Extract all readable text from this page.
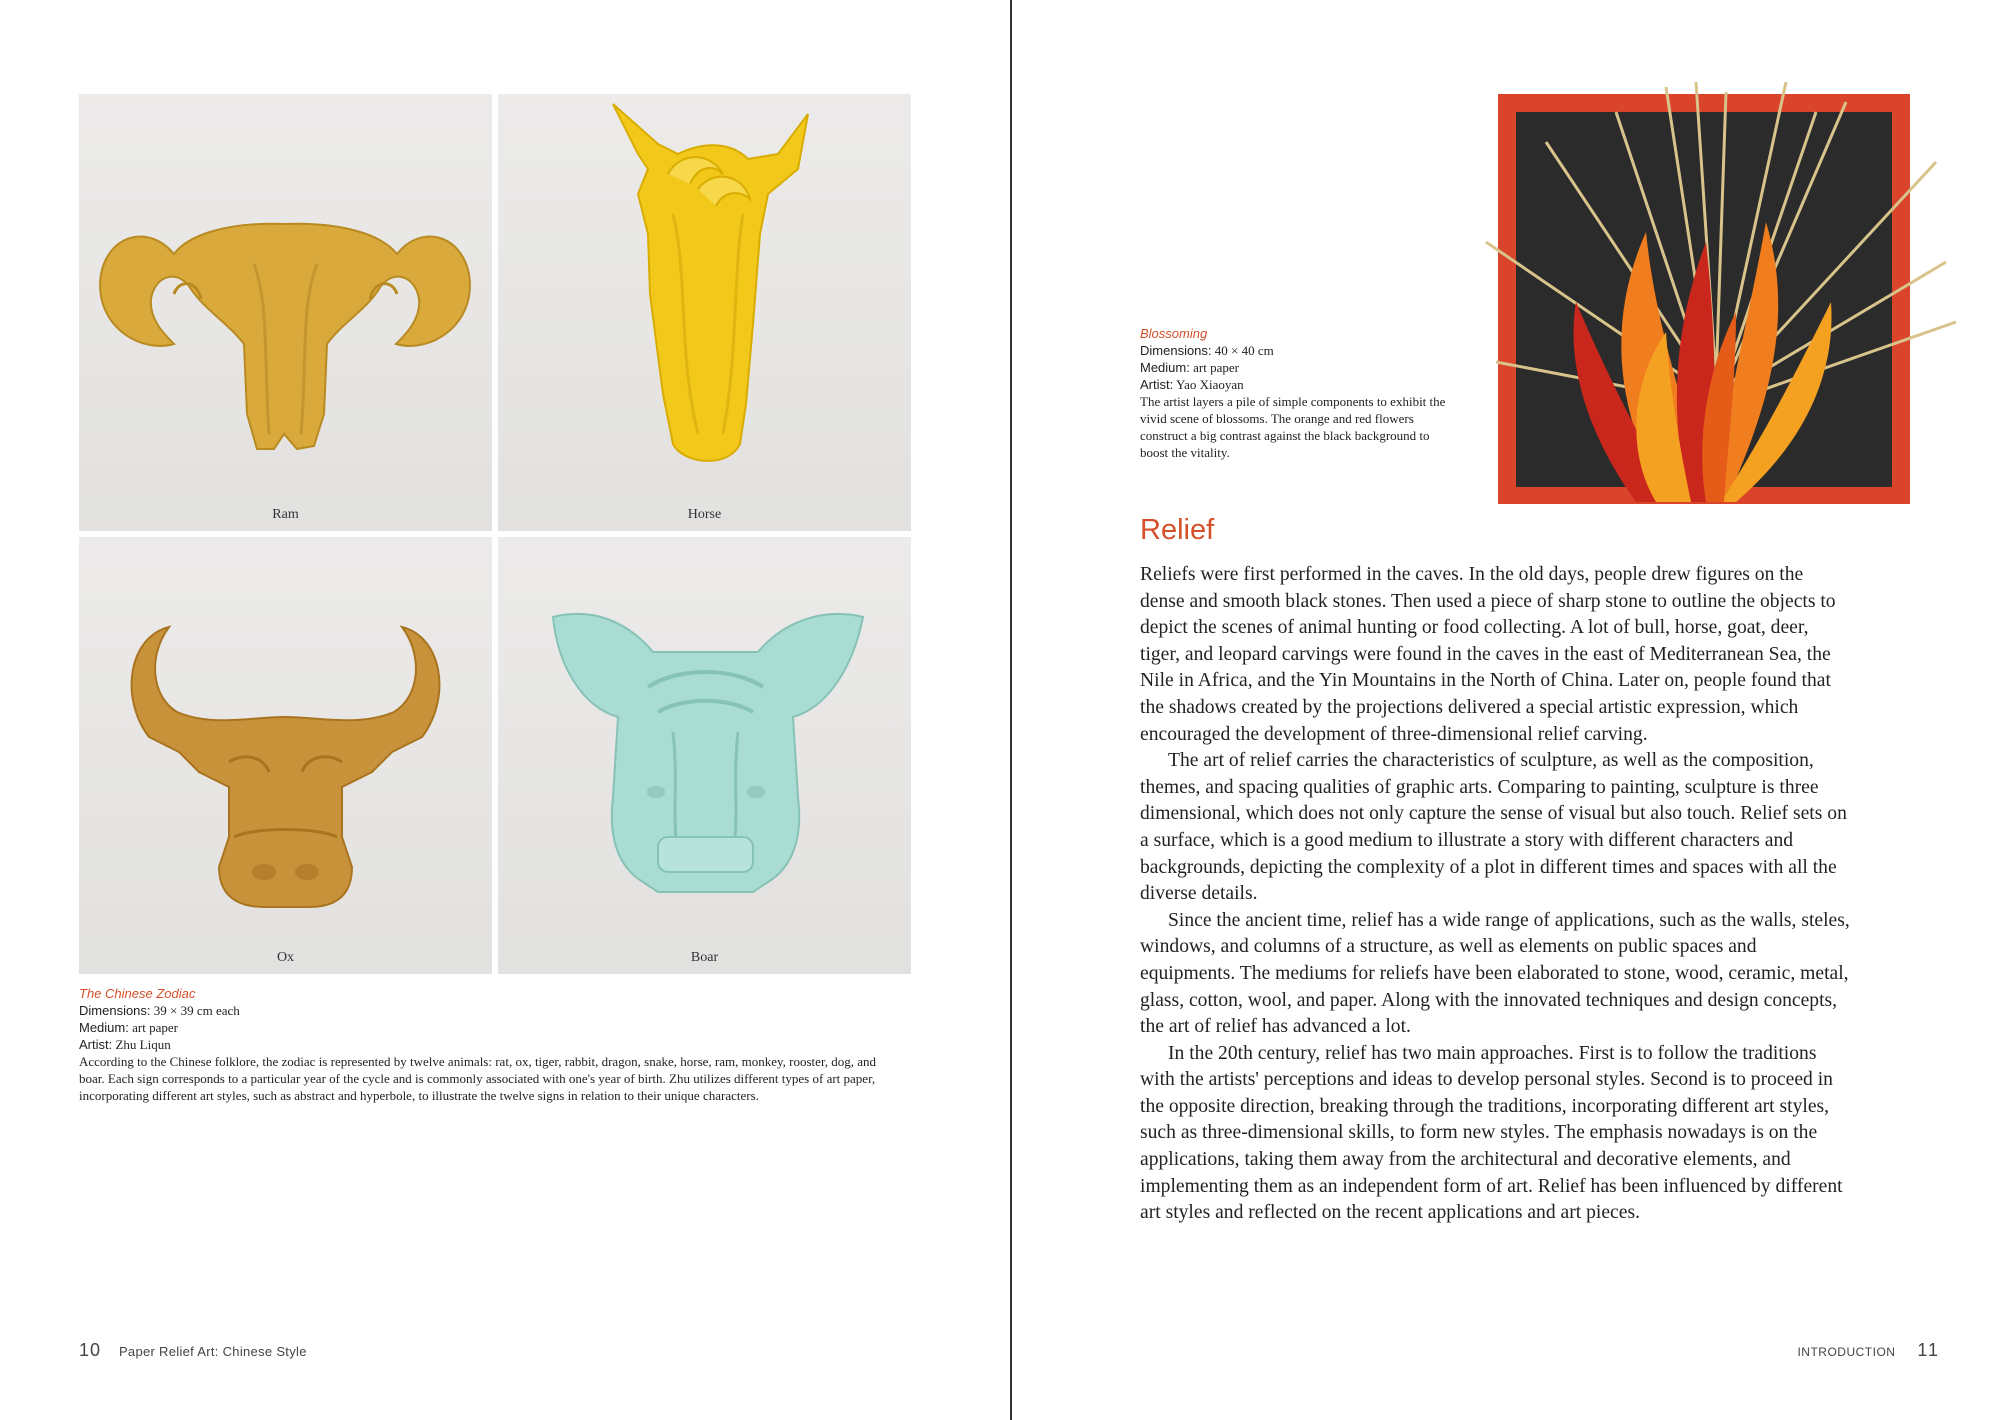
Ram	Horse
Ox	Boar
The Chinese Zodiac
Dimensions: 39 × 39 cm each
Medium: art paper
Artist: Zhu Liqun
According to the Chinese folklore, the zodiac is represented by twelve animals: rat, ox, tiger, rabbit, dragon, snake, horse, ram, monkey, rooster, dog, and boar. Each sign corresponds to a particular year of the cycle and is commonly associated with one's year of birth. Zhu utilizes different types of art paper, incorporating different art styles, such as abstract and hyperbole, to illustrate the twelve signs in relation to their unique characters.
10 Paper Relief Art: Chinese Style
Blossoming
Dimensions: 40 × 40 cm
Medium: art paper
Artist: Yao Xiaoyan
The artist layers a pile of simple components to exhibit the vivid scene of blossoms. The orange and red flowers construct a big contrast against the black background to boost the vitality.
Relief

Reliefs were first performed in the caves. In the old days, people drew figures on the dense and smooth black stones. Then used a piece of sharp stone to outline the objects to depict the scenes of animal hunting or food collecting. A lot of bull, horse, goat, deer, tiger, and leopard carvings were found in the caves in the east of Mediterranean Sea, the Nile in Africa, and the Yin Mountains in the North of China. Later on, people found that the shadows created by the projections delivered a special artistic expression, which encouraged the development of three-dimensional relief carving.

The art of relief carries the characteristics of sculpture, as well as the composition, themes, and spacing qualities of graphic arts. Comparing to painting, sculpture is three dimensional, which does not only capture the sense of visual but also touch. Relief sets on a surface, which is a good medium to illustrate a story with different characters and backgrounds, depicting the complexity of a plot in different times and spaces with all the diverse details.

Since the ancient time, relief has a wide range of applications, such as the walls, steles, windows, and columns of a structure, as well as elements on public spaces and equipments. The mediums for reliefs have been elaborated to stone, wood, ceramic, metal, glass, cotton, wool, and paper. Along with the innovated techniques and design concepts, the art of relief has advanced a lot.

In the 20th century, relief has two main approaches. First is to follow the traditions with the artists' perceptions and ideas to develop personal styles. Second is to proceed in the opposite direction, breaking through the traditions, incorporating different art styles, such as three-dimensional skills, to form new styles. The emphasis nowadays is on the applications, taking them away from the architectural and decorative elements, and implementing them as an independent form of art. Relief has been influenced by different art styles and reflected on the recent applications and art pieces.

INTRODUCTION 11
